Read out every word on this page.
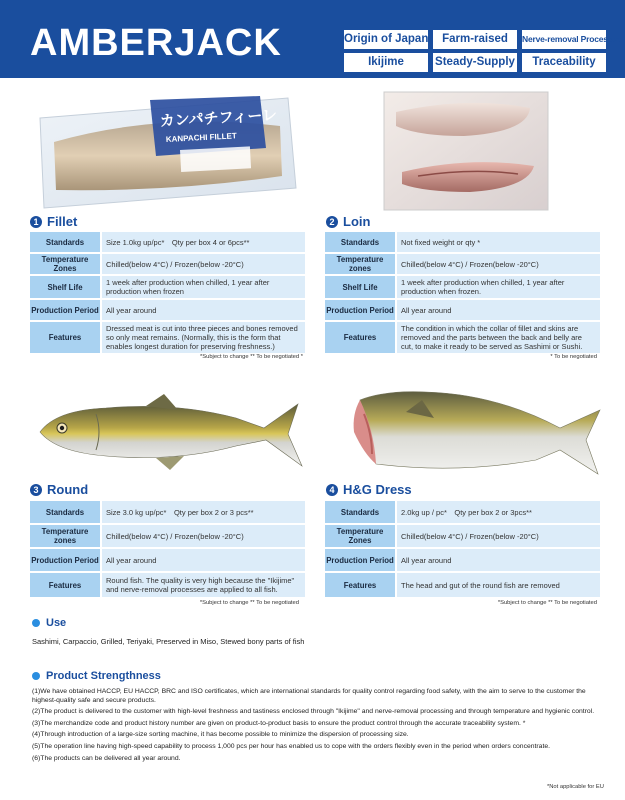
AMBERJACK	Origin of Japan	Farm-raised	Nerve-removal Processes
Ikijime	Steady-Supply	Traceability
カンパチフィーレ
KANPACHI FILLET
1 Fillet
Standards	Size 1.0kg up/pc*　Qty per box 4 or 6pcs**
Temperature Zones	Chilled(below 4°C) / Frozen(below -20°C)
Shelf Life	1 week after production when chilled, 1 year after production when frozen
Production Period	All year around
Features	Dressed meat is cut into three pieces and bones removed so only meat remains. (Normally, this is the form that enables longest duration for preserving freshness.)
*Subject to change ** To be negotiated *
2 Loin
Standards	Not fixed weight or qty *
Temperature zones	Chilled(below 4°C) / Frozen(below -20°C)
Shelf Life	1 week after production when chilled, 1 year after production when frozen.
Production Period	All year around
Features	The condition in which the collar of fillet and skins are removed and the parts between the back and belly are cut, to make it ready to be served as Sashimi or Sushi.
* To be negotiated
3 Round
Standards	Size 3.0 kg up/pc*　Qty per box 2 or 3 pcs**
Temperature zones	Chilled(below 4°C) / Frozen(below -20°C)
Production Period	All year around
Features	Round fish. The quality is very high because the "Ikijime" and nerve-removal processes are applied to all fish.
*Subject to change ** To be negotiated
4 H&G Dress
Standards	2.0kg up / pc*　Qty per box 2 or 3pcs**
Temperature Zones	Chilled(below 4°C) / Frozen(below -20°C)
Production Period	All year around
Features	The head and gut of the round fish are removed
*Subject to change ** To be negotiated
Use
Sashimi, Carpaccio, Grilled, Teriyaki, Preserved in Miso, Stewed bony parts of fish
Product Strengthness

(1)We have obtained HACCP, EU HACCP, BRC and ISO certificates, which are international standards for quality control regarding food safety, with the aim to serve to the customer the highest-quality safe and secure products.

(2)The product is delivered to the customer with high-level freshness and tastiness enclosed through "Ikijime" and nerve-removal processing and through temperature and hygienic control.

(3)The merchandize code and product history number are given on product-to-product basis to ensure the product control through the accurate traceability system. *

(4)Through introduction of a large-size sorting machine, it has become possible to minimize the dispersion of processing size.

(5)The operation line having high-speed capability to process 1,000 pcs per hour has enabled us to cope with the orders flexibly even in the period when orders concentrate.

(6)The products can be delivered all year around.

*Not applicable for EU
